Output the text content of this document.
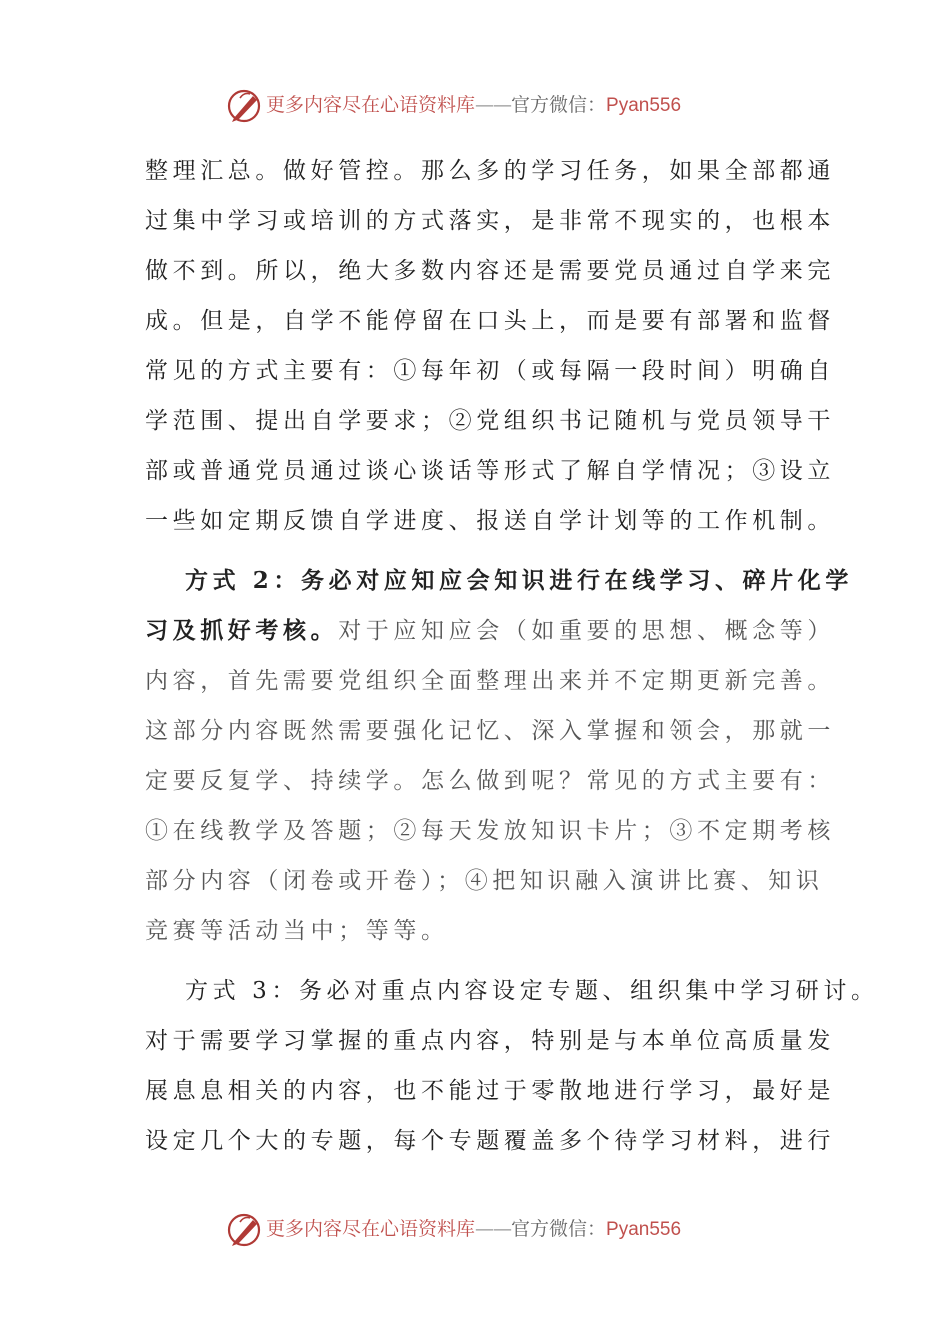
更多内容尽在心语资料库——官方微信：Pyan556
整理汇总。做好管控。那么多的学习任务，如果全部都通
过集中学习或培训的方式落实，是非常不现实的，也根本
做不到。所以，绝大多数内容还是需要党员通过自学来完
成。但是，自学不能停留在口头上，而是要有部署和监督
常见的方式主要有：①每年初（或每隔一段时间）明确自
学范围、提出自学要求；②党组织书记随机与党员领导干
部或普通党员通过谈心谈话等形式了解自学情况；③设立
一些如定期反馈自学进度、报送自学计划等的工作机制。
方式 2：务必对应知应会知识进行在线学习、碎片化学
习及抓好考核。对于应知应会（如重要的思想、概念等）
内容，首先需要党组织全面整理出来并不定期更新完善。
这部分内容既然需要强化记忆、深入掌握和领会，那就一
定要反复学、持续学。怎么做到呢？常见的方式主要有：
①在线教学及答题；②每天发放知识卡片；③不定期考核
部分内容（闭卷或开卷）；④把知识融入演讲比赛、知识
竞赛等活动当中；等等。
方式 3：务必对重点内容设定专题、组织集中学习研讨。
对于需要学习掌握的重点内容，特别是与本单位高质量发
展息息相关的内容，也不能过于零散地进行学习，最好是
设定几个大的专题，每个专题覆盖多个待学习材料，进行
更多内容尽在心语资料库——官方微信：Pyan556
